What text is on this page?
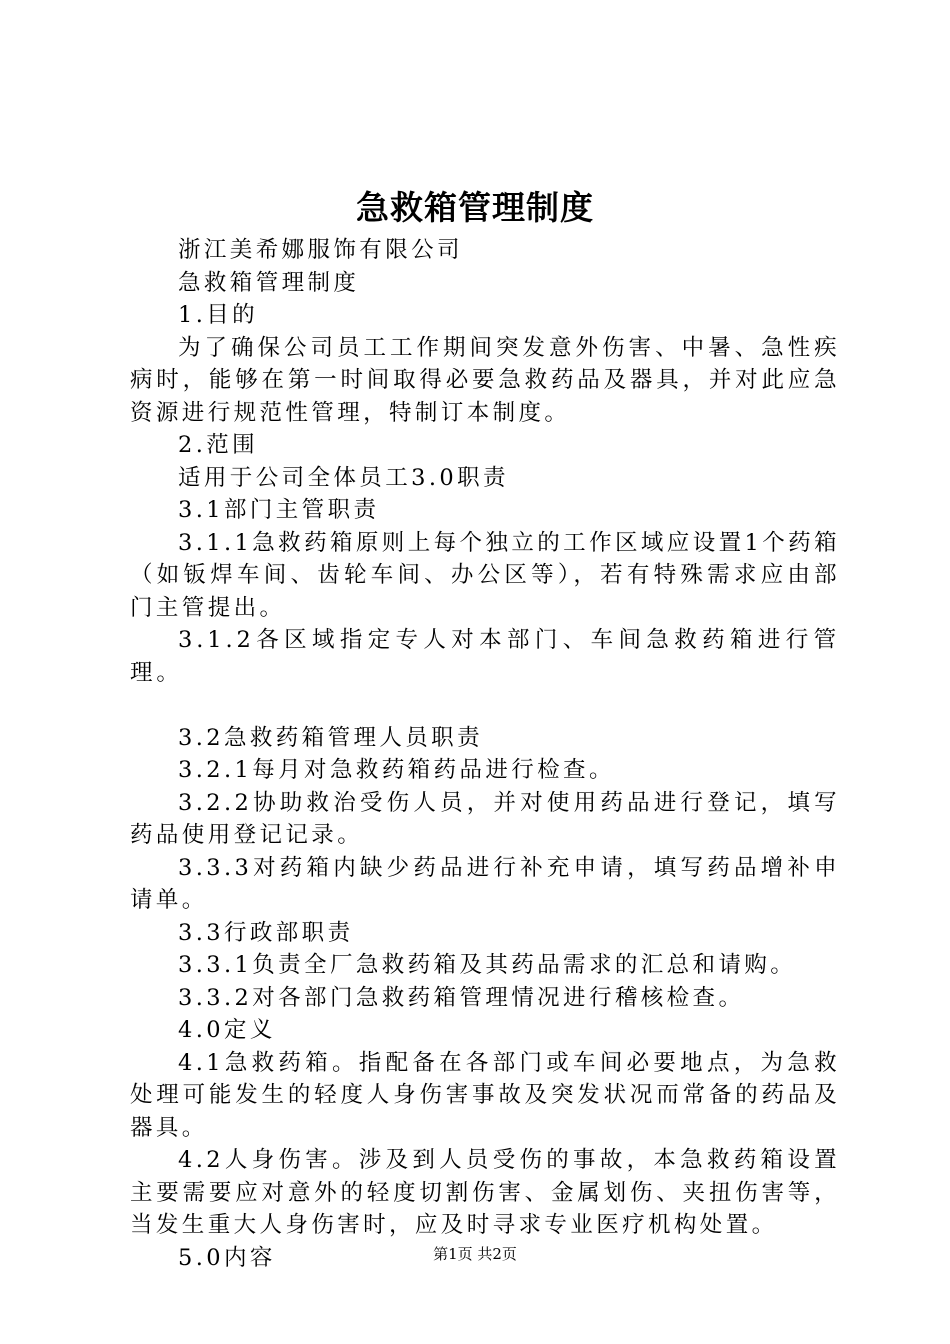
急救箱管理制度

浙江美希娜服饰有限公司

急救箱管理制度

1.目的

为了确保公司员工工作期间突发意外伤害、中暑、急性疾病时，能够在第一时间取得必要急救药品及器具，并对此应急资源进行规范性管理，特制订本制度。

2.范围

适用于公司全体员工3.0职责

3.1部门主管职责

3.1.1急救药箱原则上每个独立的工作区域应设置1个药箱（如钣焊车间、齿轮车间、办公区等），若有特殊需求应由部门主管提出。

3.1.2各区域指定专人对本部门、车间急救药箱进行管理。

3.2急救药箱管理人员职责

3.2.1每月对急救药箱药品进行检查。

3.2.2协助救治受伤人员，并对使用药品进行登记，填写药品使用登记记录。

3.3.3对药箱内缺少药品进行补充申请，填写药品增补申请单。

3.3行政部职责

3.3.1负责全厂急救药箱及其药品需求的汇总和请购。

3.3.2对各部门急救药箱管理情况进行稽核检查。

4.0定义

4.1急救药箱。指配备在各部门或车间必要地点，为急救处理可能发生的轻度人身伤害事故及突发状况而常备的药品及器具。

4.2人身伤害。涉及到人员受伤的事故，本急救药箱设置主要需要应对意外的轻度切割伤害、金属划伤、夹扭伤害等，当发生重大人身伤害时，应及时寻求专业医疗机构处置。

5.0内容	第1页 共2页
